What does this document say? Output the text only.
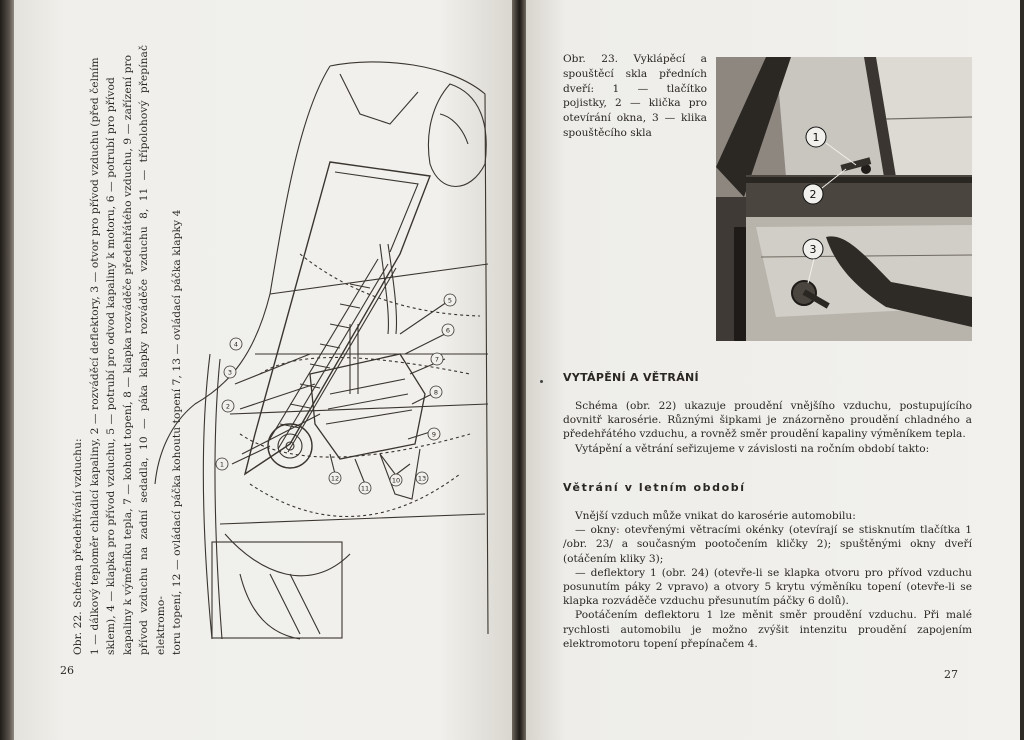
Obr. 22. Schéma předehřívání vzduchu: 1 — dálkový teploměr chladicí kapaliny, 2 — rozváděcí deflektory, 3 — otvor pro přívod vzduchu (před čelním sklem), 4 — klapka pro přívod vzduchu, 5 — potrubí pro odvod kapaliny k motoru, 6 — potrubí pro přívod kapaliny k výměníku tepla, 7 — kohout topení, 8 — klapka rozváděče předehřátého vzduchu, 9 — zařízení pro přívod vzduchu na zadní sedadla, 10 — páka klapky rozváděče vzduchu 8, 11 — třípolohový přepínač elektromo- toru topení, 12 — ovládací páčka kohoutu topení 7, 13 — ovládací páčka klapky 4

26
1
2
3
4
5
6
7
8
9
10
11
12	13
Obr. 23. Vyklápěcí a spouštěcí skla předních dveří: 1 — tlačítko pojistky, 2 — klička pro otevírání okna, 3 — klika spouštěcího skla	1
2
3
VYTÁPĚNÍ A VĚTRÁNÍ

Schéma (obr. 22) ukazuje proudění vnějšího vzduchu, postupujícího dovnitř karosérie. Různými šipkami je znázorněno proudění chladného a předehřátého vzduchu, a rovněž směr proudění kapaliny výměníkem tepla.

Vytápění a větrání seřizujeme v závislosti na ročním období takto:

Větrání v letním období

Vnější vzduch může vnikat do karosérie automobilu:

— okny: otevřenými větracími okénky (otevírají se stisknutím tlačítka 1 /obr. 23/ a současným pootočením kličky 2); spuštěnými okny dveří (otáčením kliky 3);

— deflektory 1 (obr. 24) (otevře-li se klapka otvoru pro přívod vzduchu posunutím páky 2 vpravo) a otvory 5 krytu výměníku topení (otevře-li se klapka rozváděče vzduchu přesunutím páčky 6 dolů).

Pootáčením deflektoru 1 lze měnit směr proudění vzduchu. Při malé rychlosti automobilu je možno zvýšit intenzitu proudění zapojením elektromotoru topení přepínačem 4.

27
